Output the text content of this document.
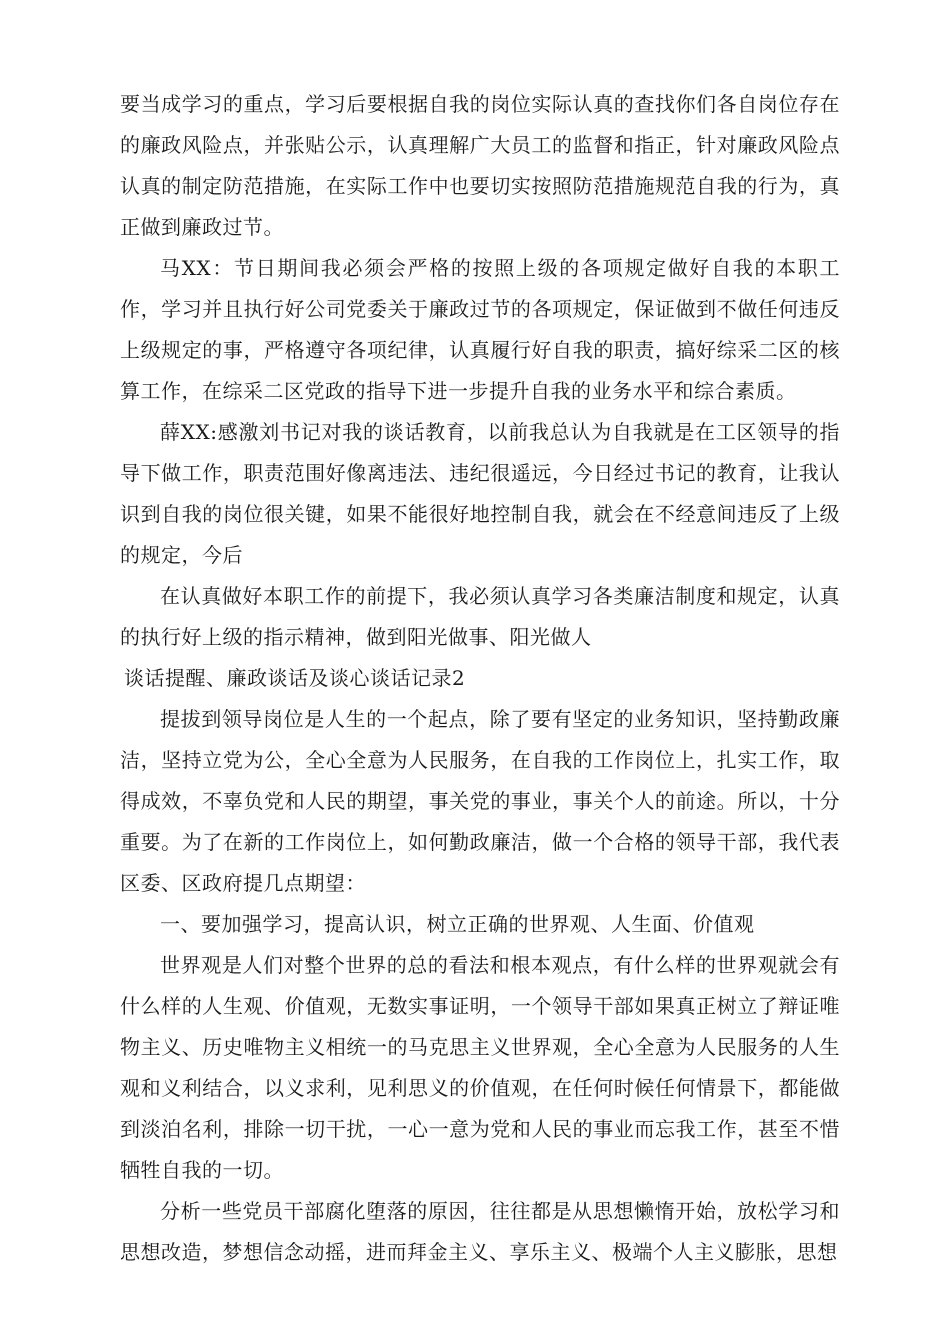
要当成学习的重点，学习后要根据自我的岗位实际认真的查找你们各自岗位存在的廉政风险点，并张贴公示，认真理解广大员工的监督和指正，针对廉政风险点认真的制定防范措施，在实际工作中也要切实按照防范措施规范自我的行为，真正做到廉政过节。

马XX：节日期间我必须会严格的按照上级的各项规定做好自我的本职工作，学习并且执行好公司党委关于廉政过节的各项规定，保证做到不做任何违反上级规定的事，严格遵守各项纪律，认真履行好自我的职责，搞好综采二区的核算工作，在综采二区党政的指导下进一步提升自我的业务水平和综合素质。

薛XX:感激刘书记对我的谈话教育，以前我总认为自我就是在工区领导的指导下做工作，职责范围好像离违法、违纪很遥远，今日经过书记的教育，让我认识到自我的岗位很关键，如果不能很好地控制自我，就会在不经意间违反了上级的规定，今后

在认真做好本职工作的前提下，我必须认真学习各类廉洁制度和规定，认真的执行好上级的指示精神，做到阳光做事、阳光做人

谈话提醒、廉政谈话及谈心谈话记录2

提拔到领导岗位是人生的一个起点，除了要有坚定的业务知识，坚持勤政廉洁，坚持立党为公，全心全意为人民服务，在自我的工作岗位上，扎实工作，取得成效，不辜负党和人民的期望，事关党的事业，事关个人的前途。所以，十分重要。为了在新的工作岗位上，如何勤政廉洁，做一个合格的领导干部，我代表区委、区政府提几点期望：

一、要加强学习，提高认识，树立正确的世界观、人生面、价值观

世界观是人们对整个世界的总的看法和根本观点，有什么样的世界观就会有什么样的人生观、价值观，无数实事证明，一个领导干部如果真正树立了辩证唯物主义、历史唯物主义相统一的马克思主义世界观，全心全意为人民服务的人生观和义利结合，以义求利，见利思义的价值观，在任何时候任何情景下，都能做到淡泊名利，排除一切干扰，一心一意为党和人民的事业而忘我工作，甚至不惜牺牲自我的一切。

分析一些党员干部腐化堕落的原因，往往都是从思想懒惰开始，放松学习和思想改造，梦想信念动摇，进而拜金主义、享乐主义、极端个人主义膨胀，思想
